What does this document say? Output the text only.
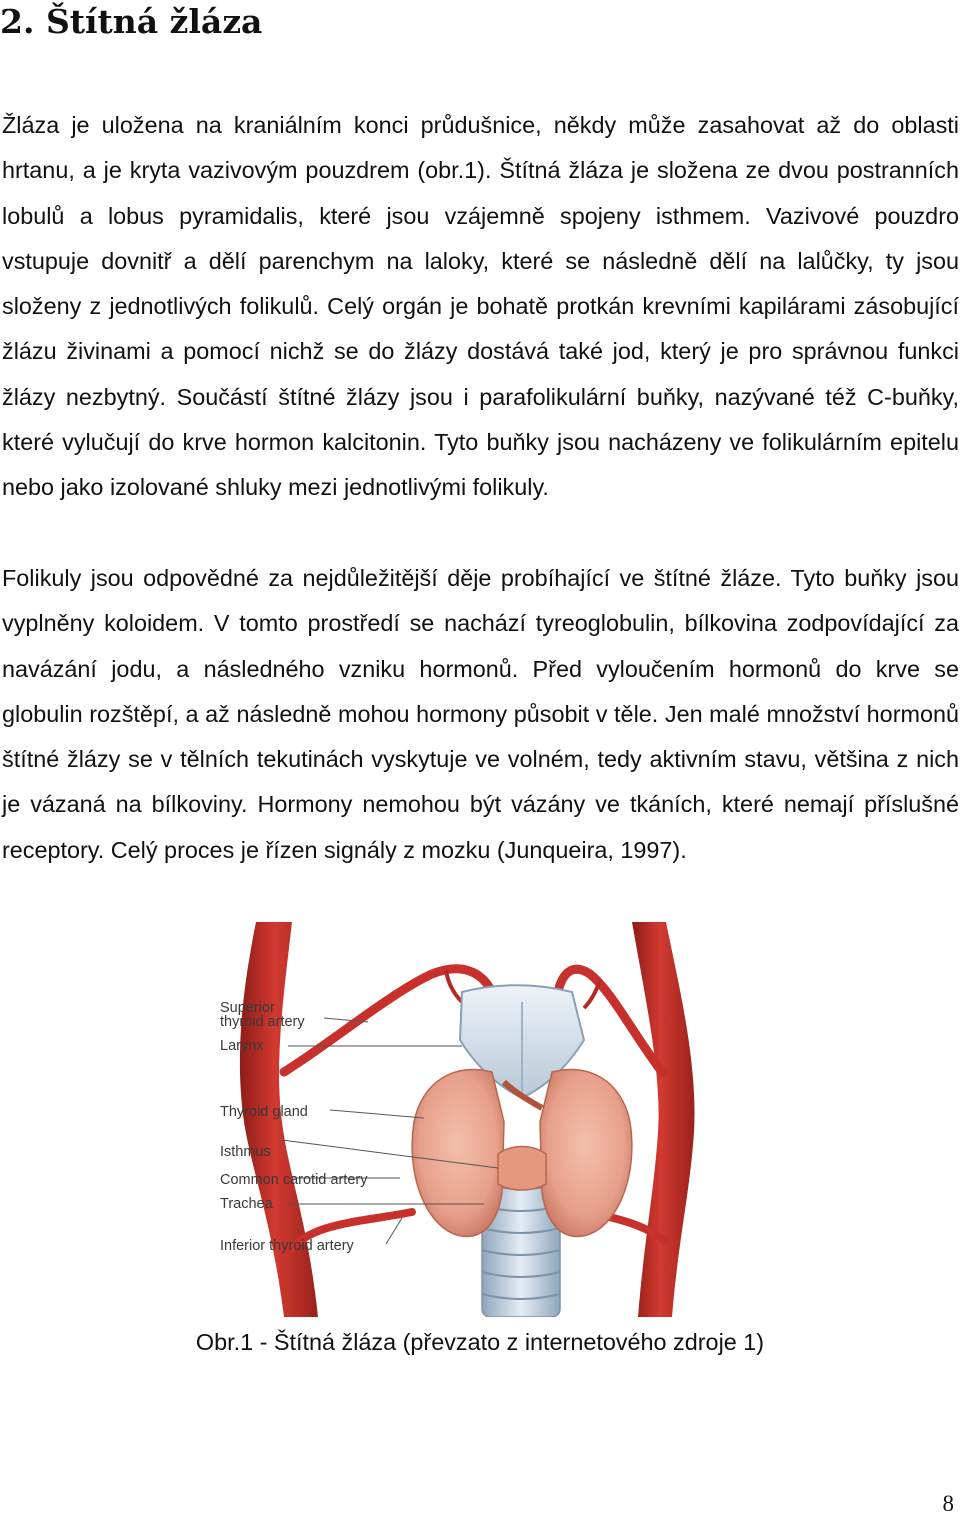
2. Štítná žláza

Žláza je uložena na kraniálním konci průdušnice, někdy může zasahovat až do oblasti hrtanu, a je kryta vazivovým pouzdrem (obr.1). Štítná žláza je složena ze dvou postranních lobulů a lobus pyramidalis, které jsou vzájemně spojeny isthmem. Vazivové pouzdro vstupuje dovnitř a dělí parenchym na laloky, které se následně dělí na lalůčky, ty jsou složeny z jednotlivých folikulů. Celý orgán je bohatě protkán krevními kapilárami zásobující žlázu živinami a pomocí nichž se do žlázy dostává také jod, který je pro správnou funkci žlázy nezbytný. Součástí štítné žlázy jsou i parafolikulární buňky, nazývané též C-buňky, které vylučují do krve hormon kalcitonin. Tyto buňky jsou nacházeny ve folikulárním epitelu nebo jako izolované shluky mezi jednotlivými folikuly.

Folikuly jsou odpovědné za nejdůležitější děje probíhající ve štítné žláze. Tyto buňky jsou vyplněny koloidem. V tomto prostředí se nachází tyreoglobulin, bílkovina zodpovídající za navázání jodu, a následného vzniku hormonů. Před vyloučením hormonů do krve se globulin rozštěpí, a až následně mohou hormony působit v těle. Jen malé množství hormonů štítné žlázy se v tělních tekutinách vyskytuje ve volném, tedy aktivním stavu, většina z nich je vázaná na bílkoviny. Hormony nemohou být vázány ve tkáních, které nemají příslušné receptory. Celý proces je řízen signály z mozku (Junqueira, 1997).

Superior
thyroid artery
Larynx
Thyroid gland
Isthmus
Common carotid artery
Trachea
Inferior thyroid artery

Obr.1 - Štítná žláza (převzato z internetového zdroje 1)

8
